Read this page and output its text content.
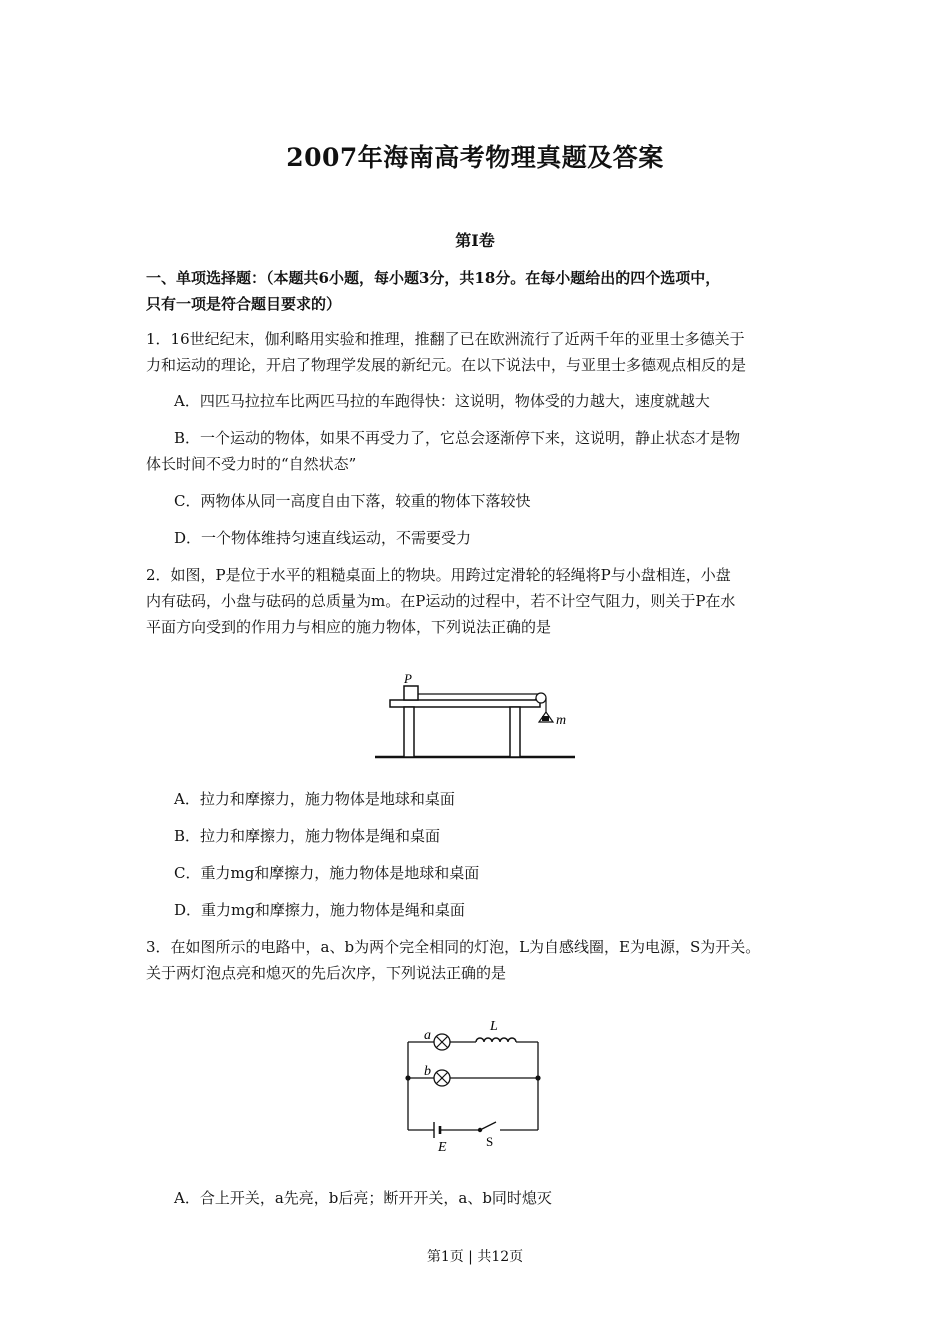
2007年海南高考物理真题及答案
第Ⅰ卷
一、单项选择题：（本题共6小题，每小题3分，共18分。在每小题给出的四个选项中，
只有一项是符合题目要求的）
1．16世纪纪末，伽利略用实验和推理，推翻了已在欧洲流行了近两千年的亚里士多德关于
力和运动的理论，开启了物理学发展的新纪元。在以下说法中，与亚里士多德观点相反的是
A．四匹马拉拉车比两匹马拉的车跑得快：这说明，物体受的力越大，速度就越大
B．一个运动的物体，如果不再受力了，它总会逐渐停下来，这说明，静止状态才是物
体长时间不受力时的“自然状态”
C．两物体从同一高度自由下落，较重的物体下落较快
D．一个物体维持匀速直线运动，不需要受力
2．如图，P是位于水平的粗糙桌面上的物块。用跨过定滑轮的轻绳将P与小盘相连，小盘
内有砝码，小盘与砝码的总质量为m。在P运动的过程中，若不计空气阻力，则关于P在水
平面方向受到的作用力与相应的施力物体，下列说法正确的是
P
m
A．拉力和摩擦力，施力物体是地球和桌面
B．拉力和摩擦力，施力物体是绳和桌面
C．重力mg和摩擦力，施力物体是地球和桌面
D．重力mg和摩擦力，施力物体是绳和桌面
3．在如图所示的电路中，a、b为两个完全相同的灯泡，L为自感线圈，E为电源，S为开关。
关于两灯泡点亮和熄灭的先后次序，下列说法正确的是
a
L
b
E	S
A．合上开关，a先亮，b后亮；断开开关，a、b同时熄灭
第1页 | 共12页
